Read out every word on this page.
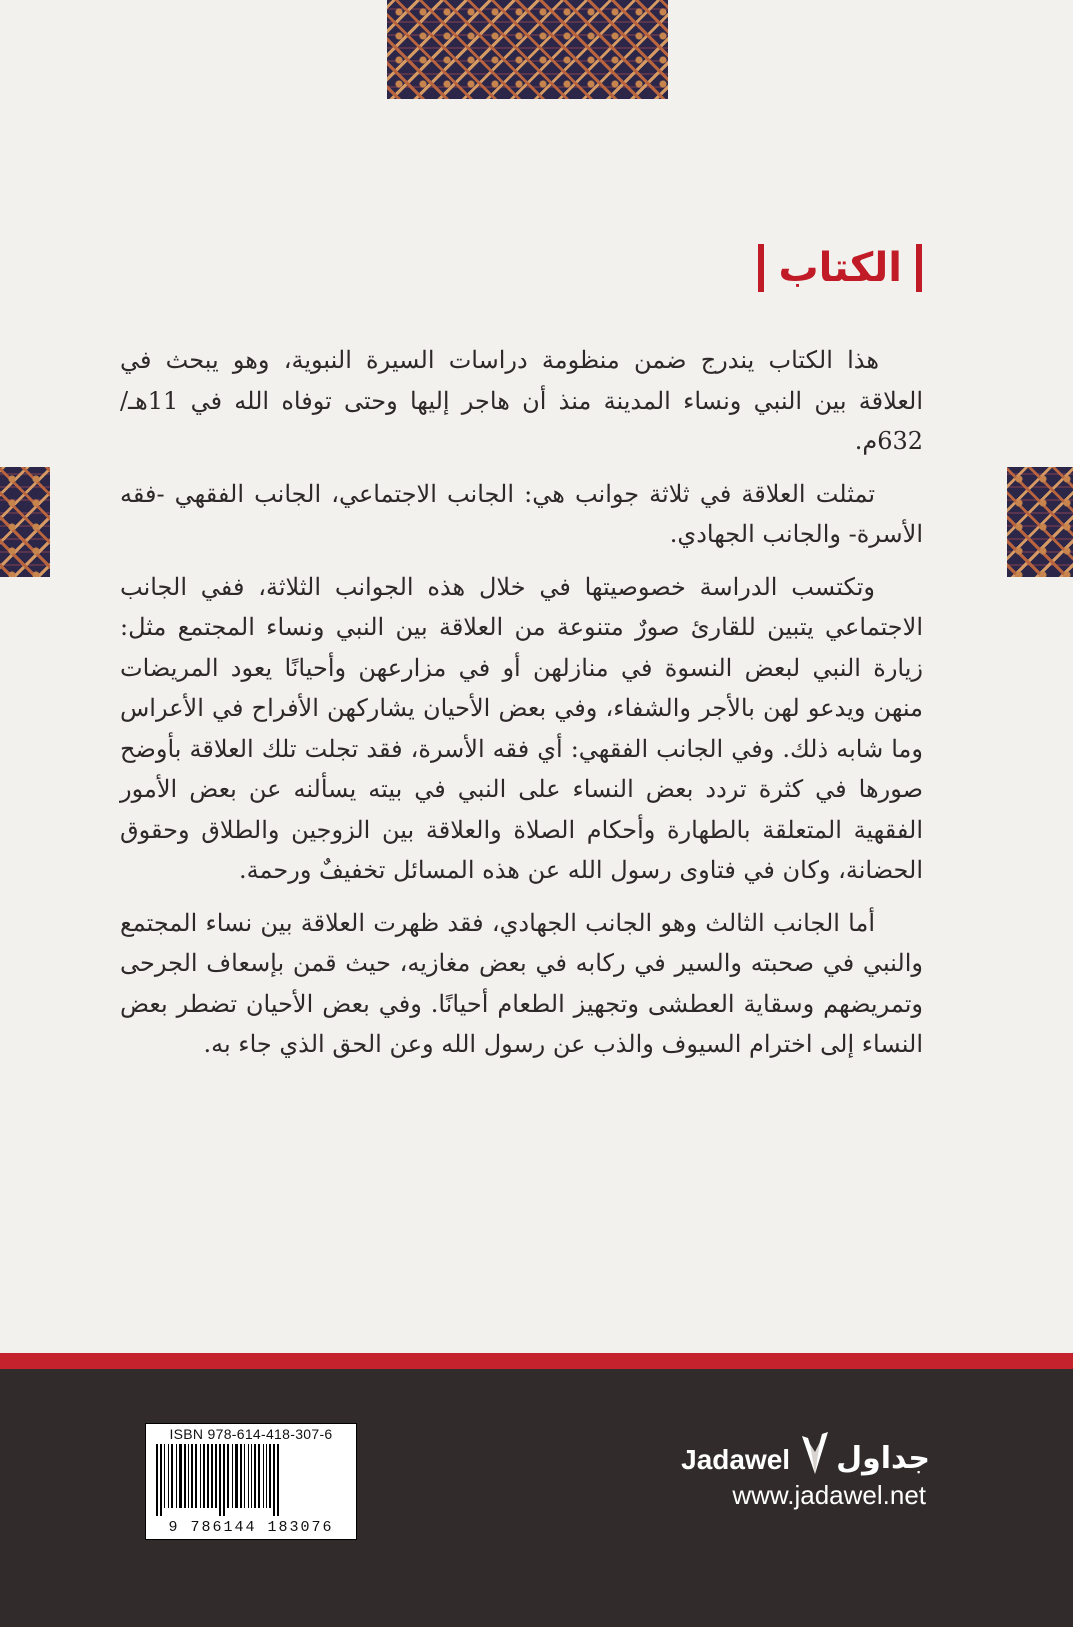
الكتاب

هذا الكتاب يندرج ضمن منظومة دراسات السيرة النبوية، وهو يبحث في العلاقة بين النبي ونساء المدينة منذ أن هاجر إليها وحتى توفاه الله في 11هـ/ 632م.

تمثلت العلاقة في ثلاثة جوانب هي: الجانب الاجتماعي، الجانب الفقهي -فقه الأسرة- والجانب الجهادي.

وتكتسب الدراسة خصوصيتها في خلال هذه الجوانب الثلاثة، ففي الجانب الاجتماعي يتبين للقارئ صورٌ متنوعة من العلاقة بين النبي ونساء المجتمع مثل: زيارة النبي لبعض النسوة في منازلهن أو في مزارعهن وأحيانًا يعود المريضات منهن ويدعو لهن بالأجر والشفاء، وفي بعض الأحيان يشاركهن الأفراح في الأعراس وما شابه ذلك. وفي الجانب الفقهي: أي فقه الأسرة، فقد تجلت تلك العلاقة بأوضح صورها في كثرة تردد بعض النساء على النبي في بيته يسألنه عن بعض الأمور الفقهية المتعلقة بالطهارة وأحكام الصلاة والعلاقة بين الزوجين والطلاق وحقوق الحضانة، وكان في فتاوى رسول الله عن هذه المسائل تخفيفٌ ورحمة.

أما الجانب الثالث وهو الجانب الجهادي، فقد ظهرت العلاقة بين نساء المجتمع والنبي في صحبته والسير في ركابه في بعض مغازيه، حيث قمن بإسعاف الجرحى وتمريضهم وسقاية العطشى وتجهيز الطعام أحيانًا. وفي بعض الأحيان تضطر بعض النساء إلى اخترام السيوف والذب عن رسول الله وعن الحق الذي جاء به.

ISBN 978-614-418-307-6
9 786144 183076
Jadawel جداول
www.jadawel.net
